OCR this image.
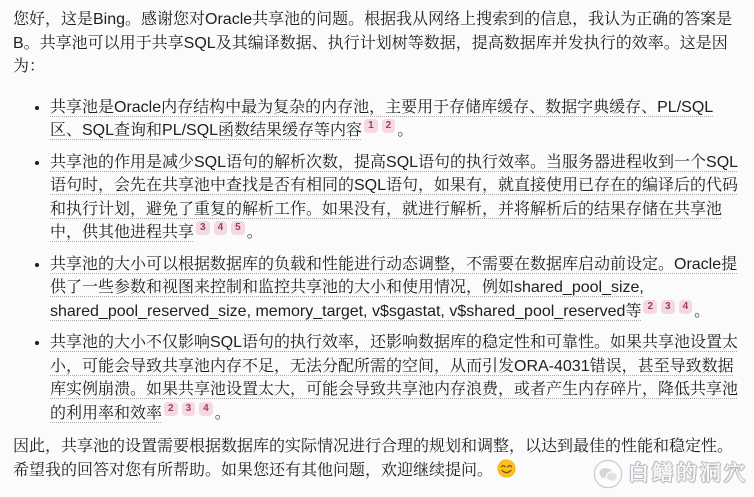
您好，这是Bing。感谢您对Oracle共享池的问题。根据我从网络上搜索到的信息，我认为正确的答案是B。共享池可以用于共享SQL及其编译数据、执行计划树等数据，提高数据库并发执行的效率。这是因为：

• 共享池是Oracle内存结构中最为复杂的内存池，主要用于存储库缓存、数据字典缓存、PL/SQL区、SQL查询和PL/SQL函数结果缓存等内容 $^1$ $^2$ 。
• 共享池的作用是减少SQL语句的解析次数，提高SQL语句的执行效率。当服务器进程收到一个SQL语句时，会先在共享池中查找是否有相同的SQL语句，如果有，就直接使用已存在的编译后的代码和执行计划，避免了重复的解析工作。如果没有，就进行解析，并将解析后的结果存储在共享池中，供其他进程共享 $^3$ $^4$ $^5$ 。
• 共享池的大小可以根据数据库的负载和性能进行动态调整，不需要在数据库启动前设定。Oracle提供了一些参数和视图来控制和监控共享池的大小和使用情况，例如shared_pool_size, shared_pool_reserved_size, memory_target, v$sgastat, v$shared_pool_reserved等 $^2$ $^3$ $^4$ 。
• 共享池的大小不仅影响SQL语句的执行效率，还影响数据库的稳定性和可靠性。如果共享池设置太小，可能会导致共享池内存不足，无法分配所需的空间，从而引发ORA-4031错误，甚至导致数据库实例崩溃。如果共享池设置太大，可能会导致共享池内存浪费，或者产生内存碎片，降低共享池的利用率和效率 $^2$ $^3$ $^4$ 。

因此，共享池的设置需要根据数据库的实际情况进行合理的规划和调整，以达到最佳的性能和稳定性。希望我的回答对您有所帮助。如果您还有其他问题，欢迎继续提问。	白鳝的洞穴
